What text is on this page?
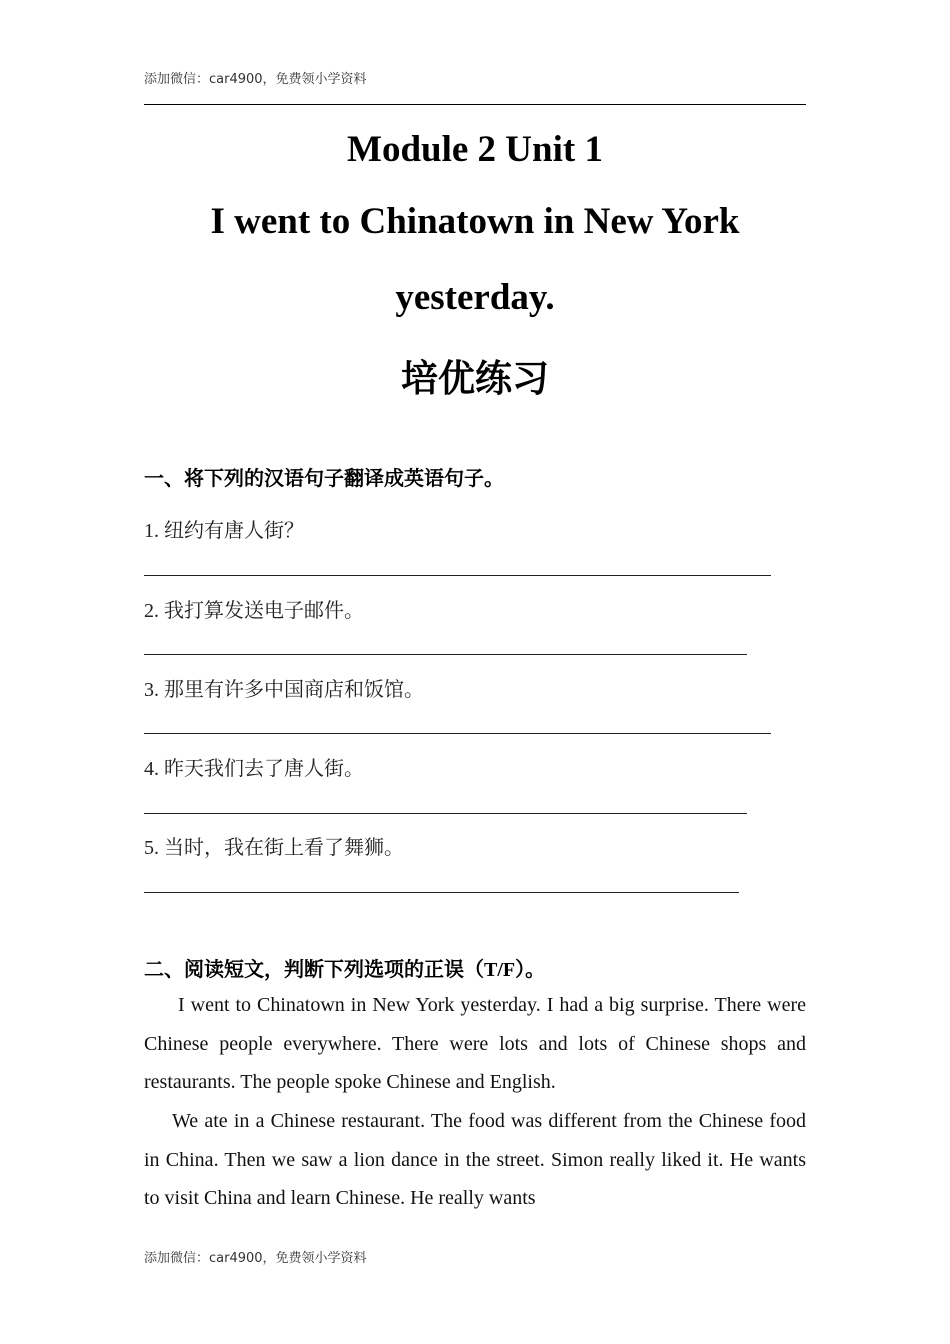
添加微信：car4900，免费领小学资料
Module 2 Unit 1
I went to Chinatown in New York
yesterday.
培优练习
一、将下列的汉语句子翻译成英语句子。
1. 纽约有唐人街？
2. 我打算发送电子邮件。
3. 那里有许多中国商店和饭馆。
4. 昨天我们去了唐人街。
5. 当时，我在街上看了舞狮。
二、阅读短文，判断下列选项的正误（T/F）。
I went to Chinatown in New York yesterday. I had a big surprise. There were Chinese people everywhere. There were lots and lots of Chinese shops and restaurants. The people spoke Chinese and English.
We ate in a Chinese restaurant. The food was different from the Chinese food in China. Then we saw a lion dance in the street. Simon really liked it. He wants to visit China and learn Chinese. He really wants
添加微信：car4900，免费领小学资料
